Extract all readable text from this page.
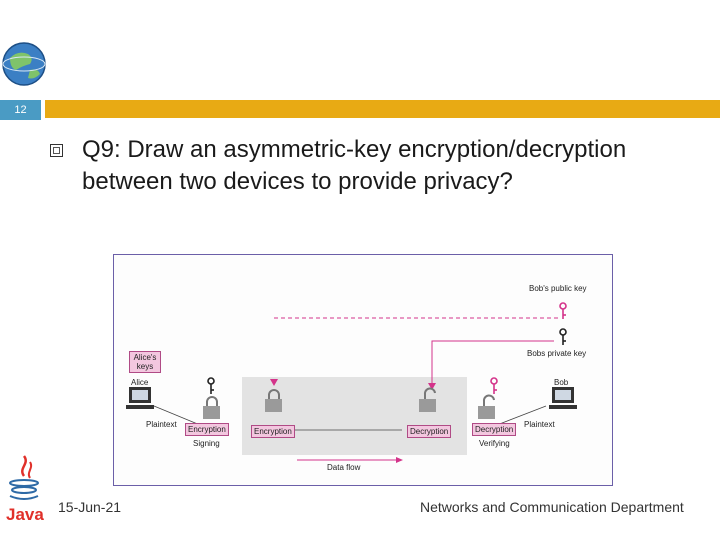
12
Q9: Draw an asymmetric-key encryption/decryption between two devices to provide privacy?
Bob's public key
Bobs private key
Alice's keys
Alice	Bob
Plaintext	Plaintext
Encryption	Encryption	Decryption	Decryption
Signing	Verifying
Data flow
Java 15-Jun-21	Networks and Communication Department
